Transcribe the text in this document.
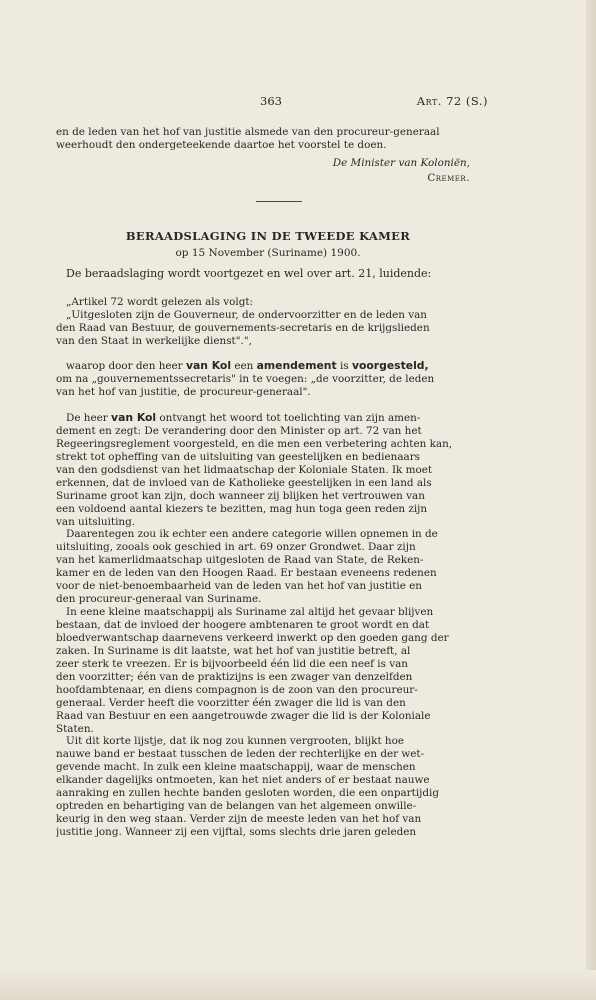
363	Art. 72 (S.)
en de leden van het hof van justitie alsmede van den procureur-generaal
weerhoudt den ondergeteekende daartoe het voorstel te doen.
De Minister van Koloniën,
Cremer.
BERAADSLAGING IN DE TWEEDE KAMER
op 15 November (Suriname) 1900.
De beraadslaging wordt voortgezet en wel over art. 21, luidende:
„Artikel 72 wordt gelezen als volgt:
„Uitgesloten zijn de Gouverneur, de ondervoorzitter en de leden van
den Raad van Bestuur, de gouvernements-secretaris en de krijgslieden
van den Staat in werkelijke dienst".",
waarop door den heer van Kol een amendement is voorgesteld,
om na „gouvernementssecretaris" in te voegen: „de voorzitter, de leden
van het hof van justitie, de procureur-generaal".
De heer van Kol ontvangt het woord tot toelichting van zijn amen-
dement en zegt: De verandering door den Minister op art. 72 van het
Regeeringsreglement voorgesteld, en die men een verbetering achten kan,
strekt tot opheffing van de uitsluiting van geestelijken en bedienaars
van den godsdienst van het lidmaatschap der Koloniale Staten. Ik moet
erkennen, dat de invloed van de Katholieke geestelijken in een land als
Suriname groot kan zijn, doch wanneer zij blijken het vertrouwen van
een voldoend aantal kiezers te bezitten, mag hun toga geen reden zijn
van uitsluiting.
Daarentegen zou ik echter een andere categorie willen opnemen in de
uitsluiting, zooals ook geschied in art. 69 onzer Grondwet. Daar zijn
van het kamerlidmaatschap uitgesloten de Raad van State, de Reken-
kamer en de leden van den Hoogen Raad. Er bestaan eveneens redenen
voor de niet-benoembaarheid van de leden van het hof van justitie en
den procureur-generaal van Suriname.
In eene kleine maatschappij als Suriname zal altijd het gevaar blijven
bestaan, dat de invloed der hoogere ambtenaren te groot wordt en dat
bloedverwantschap daarnevens verkeerd inwerkt op den goeden gang der
zaken. In Suriname is dit laatste, wat het hof van justitie betreft, al
zeer sterk te vreezen. Er is bijvoorbeeld één lid die een neef is van
den voorzitter; één van de praktizijns is een zwager van denzelfden
hoofdambtenaar, en diens compagnon is de zoon van den procureur-
generaal. Verder heeft die voorzitter één zwager die lid is van den
Raad van Bestuur en een aangetrouwde zwager die lid is der Koloniale
Staten.
Uit dit korte lijstje, dat ik nog zou kunnen vergrooten, blijkt hoe
nauwe band er bestaat tusschen de leden der rechterlijke en der wet-
gevende macht. In zulk een kleine maatschappij, waar de menschen
elkander dagelijks ontmoeten, kan het niet anders of er bestaat nauwe
aanraking en zullen hechte banden gesloten worden, die een onpartijdig
optreden en behartiging van de belangen van het algemeen onwille-
keurig in den weg staan. Verder zijn de meeste leden van het hof van
justitie jong. Wanneer zij een vijftal, soms slechts drie jaren geleden
